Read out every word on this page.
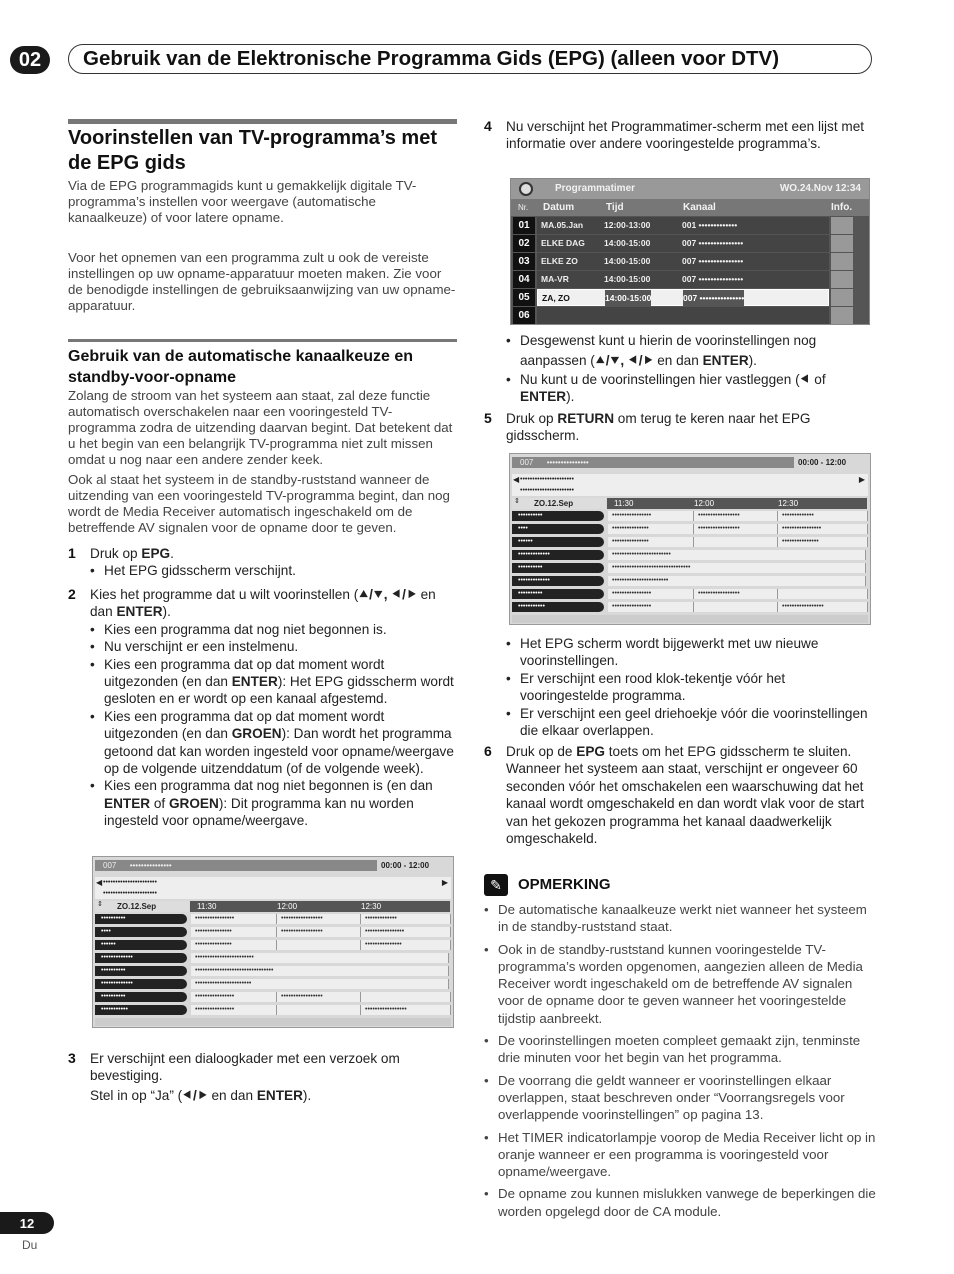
02	Gebruik van de Elektronische Programma Gids (EPG) (alleen voor DTV)
Voorinstellen van TV-programma’s met de EPG gids
Via de EPG programmagids kunt u gemakkelijk digitale TV-programma’s instellen voor weergave (automatische kanaalkeuze) of voor latere opname.
Voor het opnemen van een programma zult u ook de vereiste instellingen op uw opname-apparatuur moeten maken. Zie voor de benodigde instellingen de gebruiksaanwijzing van uw opname-apparatuur.
Gebruik van de automatische kanaalkeuze en standby-voor-opname
Zolang de stroom van het systeem aan staat, zal deze functie automatisch overschakelen naar een vooringesteld TV-programma zodra de uitzending daarvan begint. Dat betekent dat u het begin van een belangrijk TV-programma niet zult missen omdat u nog naar een andere zender keek.
Ook al staat het systeem in de standby-ruststand wanneer de uitzending van een vooringesteld TV-programma begint, dan nog wordt de Media Receiver automatisch ingeschakeld om de betreffende AV signalen voor de opname door te geven.
1	Druk op EPG.
• Het EPG gidsscherm verschijnt.
2	Kies het programme dat u wilt voorinstellen (⯅/⯆, ⯇/⯈ en dan ENTER).
• Kies een programma dat nog niet begonnen is.
• Nu verschijnt er een instelmenu.
• Kies een programma dat op dat moment wordt uitgezonden (en dan ENTER): Het EPG gidsscherm wordt gesloten en er wordt op een kanaal afgestemd.
• Kies een programma dat op dat moment wordt uitgezonden (en dan GROEN): Dan wordt het programma getoond dat kan worden ingesteld voor opname/weergave op de volgende uitzenddatum (of de volgende week).
• Kies een programma dat nog niet begonnen is (en dan ENTER of GROEN): Dit programma kan nu worden ingesteld voor opname/weergave.
007 •••••••••••••••	00:00 - 12:00
••••••••••••••••••••••
••••••••••••••••••••••
◀	▶
ZO.12.Sep
⇕	11:30	12:00	12:30
••••••••••	••••••••••••••••	•••••••••••••••••	•••••••••••••
••••	•••••••••••••••	•••••••••••••••••	••••••••••••••••
••••••	•••••••••••••••	•••••••••••••••
•••••••••••••	••••••••••••••••••••••••
••••••••••	••••••••••••••••••••••••••••••••
•••••••••••••	•••••••••••••••••••••••
••••••••••	••••••••••••••••	•••••••••••••••••
•••••••••••	••••••••••••••••	•••••••••••••••••
3 Er verschijnt een dialoogkader met een verzoek om bevestiging.
Stel in op “Ja” (⯇/⯈ en dan ENTER).
4	Nu verschijnt het Programmatimer-scherm met een lijst met informatie over andere vooringestelde programma’s.
Programmatimer	WO.24.Nov 12:34
Nr. Datum	Tijd	Kanaal	Info.
01	MA.05.Jan 12:00-13:00	001 •••••••••••••
02	ELKE DAG 14:00-15:00	007 •••••••••••••••
03	ELKE ZO	14:00-15:00	007 •••••••••••••••
04	MA-VR	14:00-15:00	007 •••••••••••••••
05	ZA, ZO	14:00-15:00	007 •••••••••••••••
06
• Desgewenst kunt u hierin de voorinstellingen nog aanpassen (⯅/⯆, ⯇/⯈ en dan ENTER).
• Nu kunt u de voorinstellingen hier vastleggen (⯇ of ENTER).
5	Druk op RETURN om terug te keren naar het EPG gidsscherm.
007 •••••••••••••••	00:00 - 12:00
••••••••••••••••••••••
••••••••••••••••••••••
◀	▶
ZO.12.Sep
⇕	11:30	12:00	12:30
••••••••••	••••••••••••••••	•••••••••••••••••	•••••••••••••
••••	•••••••••••••••	•••••••••••••••••	••••••••••••••••
••••••	•••••••••••••••	•••••••••••••••
•••••••••••••	••••••••••••••••••••••••
••••••••••	••••••••••••••••••••••••••••••••
•••••••••••••	•••••••••••••••••••••••
••••••••••	••••••••••••••••	•••••••••••••••••
•••••••••••	••••••••••••••••	•••••••••••••••••
• Het EPG scherm wordt bijgewerkt met uw nieuwe voorinstellingen.
• Er verschijnt een rood klok-tekentje vóór het vooringestelde programma.
• Er verschijnt een geel driehoekje vóór die voorinstellingen die elkaar overlappen.
6	Druk op de EPG toets om het EPG gidsscherm te sluiten.
Wanneer het systeem aan staat, verschijnt er ongeveer 60 seconden vóór het omschakelen een waarschuwing dat het kanaal wordt omgeschakeld en dan wordt vlak voor de start van het gekozen programma het kanaal daadwerkelijk omgeschakeld.
✎	OPMERKING
• De automatische kanaalkeuze werkt niet wanneer het systeem in de standby-ruststand staat.
• Ook in de standby-ruststand kunnen vooringestelde TV-programma’s worden opgenomen, aangezien alleen de Media Receiver wordt ingeschakeld om de betreffende AV signalen voor de opname door te geven wanneer het vooringestelde tijdstip aanbreekt.
• De voorinstellingen moeten compleet gemaakt zijn, tenminste drie minuten voor het begin van het programma.
• De voorrang die geldt wanneer er voorinstellingen elkaar overlappen, staat beschreven onder “Voorrangsregels voor overlappende voorinstellingen” op pagina 13.
• Het TIMER indicatorlampje voorop de Media Receiver licht op in oranje wanneer er een programma is vooringesteld voor opname/weergave.
• De opname zou kunnen mislukken vanwege de beperkingen die worden opgelegd door de CA module.
12
Du
